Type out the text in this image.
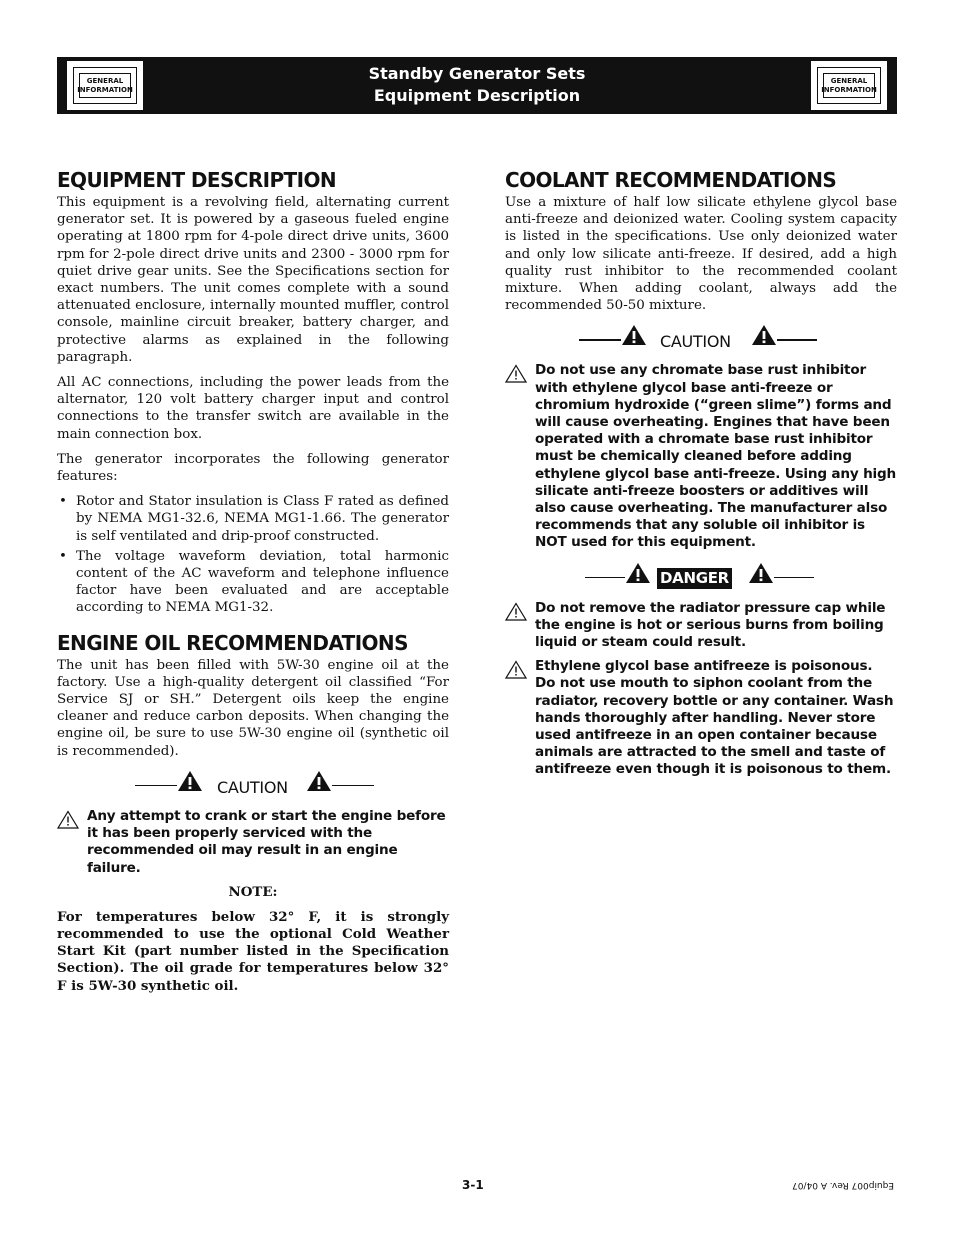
GENERAL
INFORMATION
Standby Generator Sets
Equipment Description
GENERAL
INFORMATION
EQUIPMENT DESCRIPTION

This equipment is a revolving field, alternating current generator set. It is powered by a gaseous fueled engine operating at 1800 rpm for 4-pole direct drive units, 3600 rpm for 2-pole direct drive units and 2300 - 3000 rpm for quiet drive gear units. See the Specifications section for exact numbers. The unit comes complete with a sound attenuated enclosure, internally mounted muffler, control console, mainline circuit breaker, battery charger, and protective alarms as explained in the following paragraph.

All AC connections, including the power leads from the alternator, 120 volt battery charger input and control connections to the transfer switch are available in the main connection box.

The generator incorporates the following generator features:

• Rotor and Stator insulation is Class F rated as defined by NEMA MG1-32.6, NEMA MG1-1.66. The generator is self ventilated and drip-proof constructed.
• The voltage waveform deviation, total harmonic content of the AC waveform and telephone influence factor have been evaluated and are acceptable according to NEMA MG1-32.
ENGINE OIL RECOMMENDATIONS

The unit has been filled with 5W-30 engine oil at the factory. Use a high-quality detergent oil classified “For Service SJ or SH.” Detergent oils keep the engine cleaner and reduce carbon deposits. When changing the engine oil, be sure to use 5W-30 engine oil (synthetic oil is recommended).

CAUTION
Any attempt to crank or start the engine before it has been properly serviced with the recommended oil may result in an engine failure.
NOTE:

For temperatures below 32° F, it is strongly recommended to use the optional Cold Weather Start Kit (part number listed in the Specification Section). The oil grade for temperatures below 32° F is 5W-30 synthetic oil.

COOLANT RECOMMENDATIONS

Use a mixture of half low silicate ethylene glycol base anti-freeze and deionized water. Cooling system capacity is listed in the specifications. Use only deionized water and only low silicate anti-freeze. If desired, add a high quality rust inhibitor to the recommended coolant mixture. When adding coolant, always add the recommended 50-50 mixture.

CAUTION
Do not use any chromate base rust inhibitor with ethylene glycol base anti-freeze or chromium hydroxide (“green slime”) forms and will cause overheating. Engines that have been operated with a chromate base rust inhibitor must be chemically cleaned before adding ethylene glycol base anti-freeze. Using any high silicate anti-freeze boosters or additives will also cause overheating. The manufacturer also recommends that any soluble oil inhibitor is NOT used for this equipment.
DANGER
Do not remove the radiator pressure cap while the engine is hot or serious burns from boiling liquid or steam could result.
Ethylene glycol base antifreeze is poisonous. Do not use mouth to siphon coolant from the radiator, recovery bottle or any container. Wash hands thoroughly after handling. Never store used antifreeze in an open container because animals are attracted to the smell and taste of antifreeze even though it is poisonous to them.
3-1	Equip007 Rev. A 04/07
